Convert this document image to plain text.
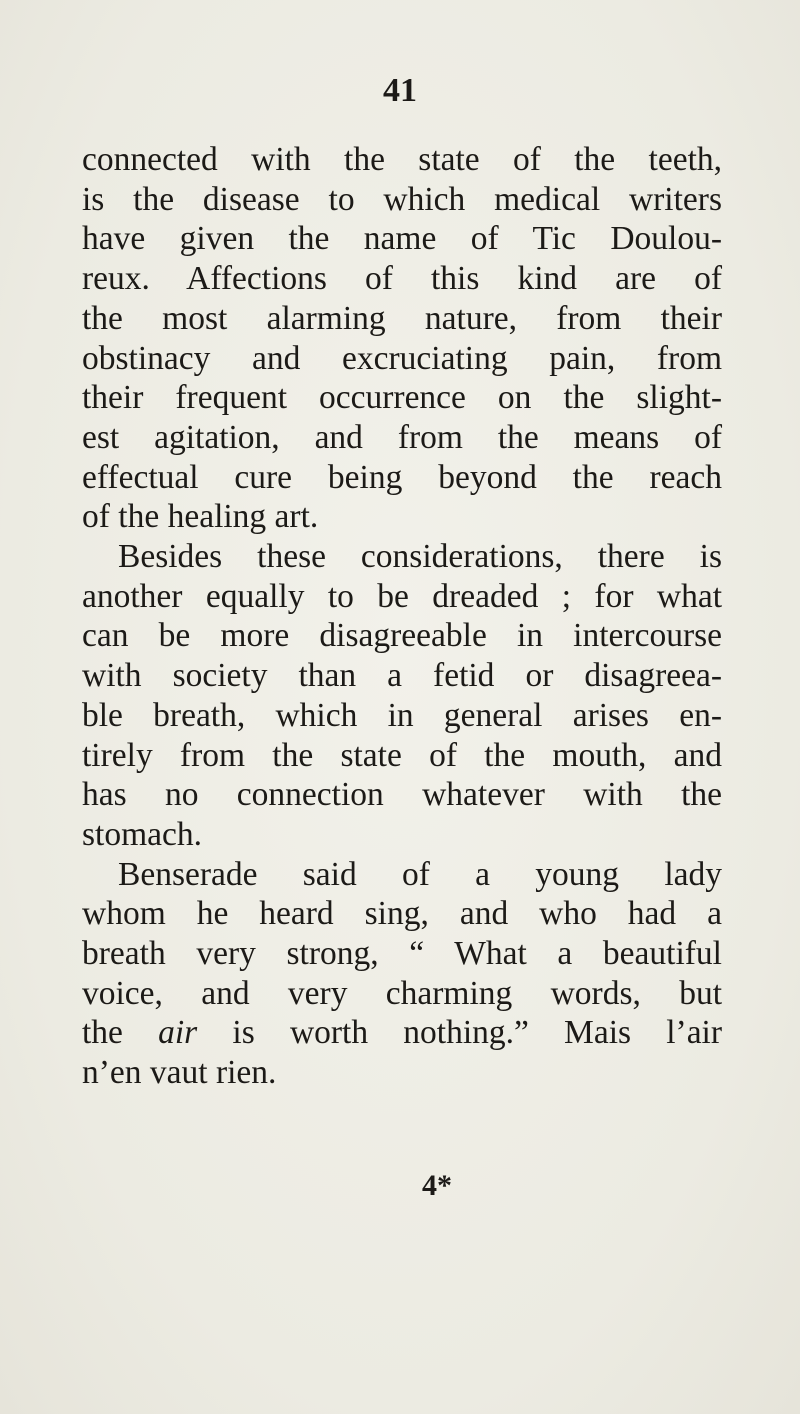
41
connected with the state of the teeth,
is the disease to which medical writers
have given the name of Tic Doulou-
reux. Affections of this kind are of
the most alarming nature, from their
obstinacy and excruciating pain, from
their frequent occurrence on the slight-
est agitation, and from the means of
effectual cure being beyond the reach
of the healing art.
Besides these considerations, there is
another equally to be dreaded ; for what
can be more disagreeable in intercourse
with society than a fetid or disagreea-
ble breath, which in general arises en-
tirely from the state of the mouth, and
has no connection whatever with the
stomach.
Benserade said of a young lady
whom he heard sing, and who had a
breath very strong, “ What a beautiful
voice, and very charming words, but
the air is worth nothing.” Mais l’air
n’en vaut rien.
4*
